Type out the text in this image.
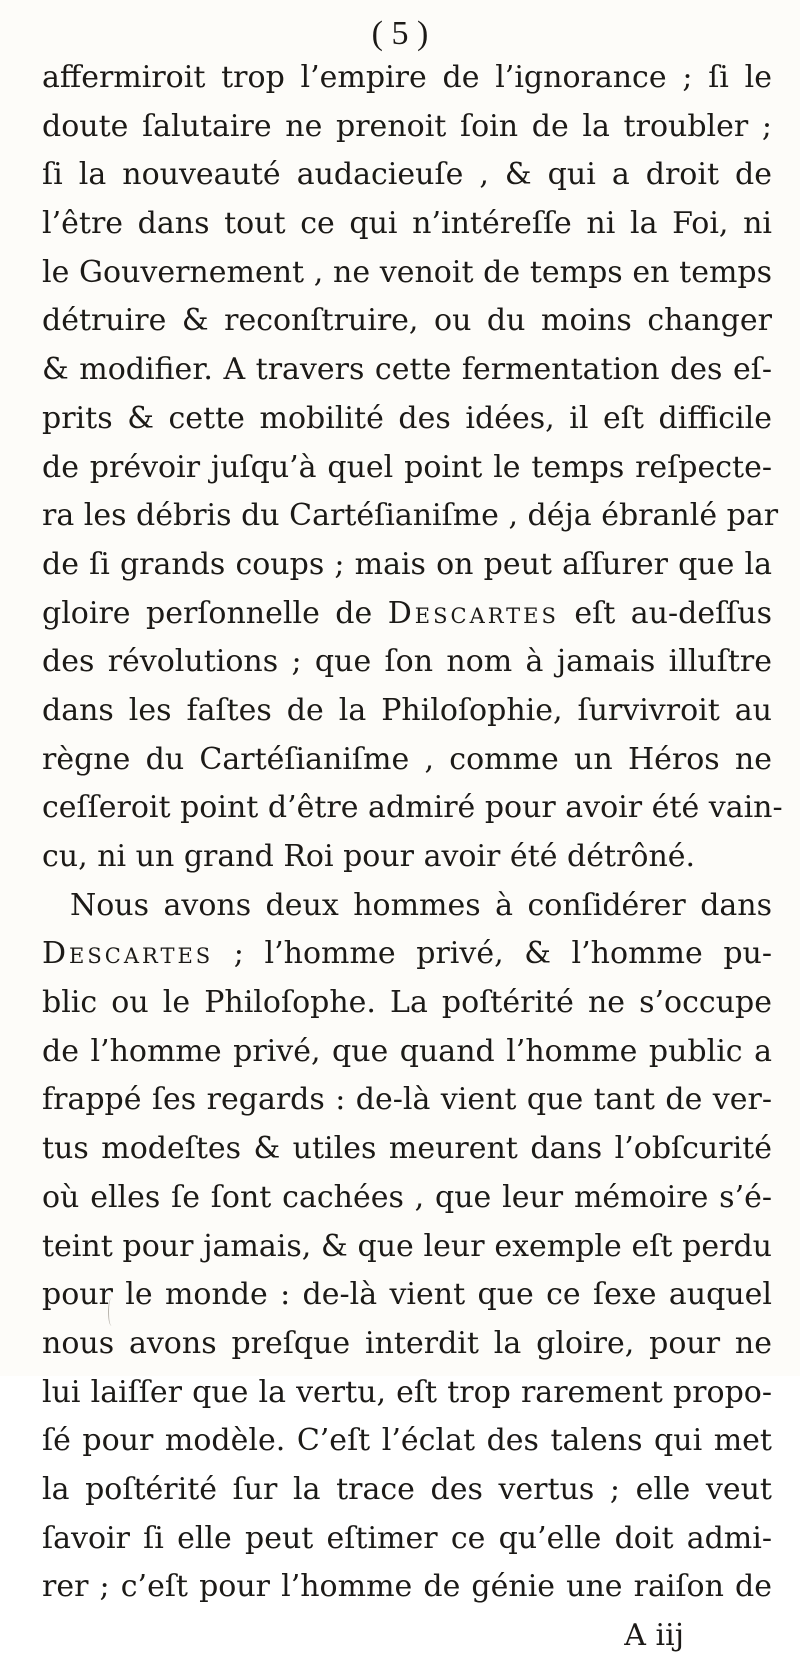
( 5 )
affermiroit trop l’empire de l’ignorance ; ſi le
doute ſalutaire ne prenoit ſoin de la troubler ;
ſi la nouveauté audacieuſe , & qui a droit de
l’être dans tout ce qui n’intéreſſe ni la Foi, ni
le Gouvernement , ne venoit de temps en temps
détruire & reconſtruire, ou du moins changer
& modifier. A travers cette fermentation des eſ-
prits & cette mobilité des idées, il eſt difficile
de prévoir juſqu’à quel point le temps reſpecte-
ra les débris du Cartéſianiſme , déja ébranlé par
de ſi grands coups ; mais on peut aſſurer que la
gloire perſonnelle de Descartes eſt au-deſſus
des révolutions ; que ſon nom à jamais illuſtre
dans les faſtes de la Philoſophie, ſurvivroit au
règne du Cartéſianiſme , comme un Héros ne
ceſſeroit point d’être admiré pour avoir été vain-
cu, ni un grand Roi pour avoir été détrôné.
Nous avons deux hommes à conſidérer dans
Descartes ; l’homme privé, & l’homme pu-
blic ou le Philoſophe. La poſtérité ne s’occupe
de l’homme privé, que quand l’homme public a
frappé ſes regards : de-là vient que tant de ver-
tus modeſtes & utiles meurent dans l’obſcurité
où elles ſe ſont cachées , que leur mémoire s’é-
teint pour jamais, & que leur exemple eſt perdu
pour le monde : de-là vient que ce ſexe auquel
nous avons preſque interdit la gloire, pour ne
lui laiſſer que la vertu, eſt trop rarement propo-
ſé pour modèle. C’eſt l’éclat des talens qui met
la poſtérité ſur la trace des vertus ; elle veut
ſavoir ſi elle peut eſtimer ce qu’elle doit admi-
rer ; c’eſt pour l’homme de génie une raiſon de
A iij
